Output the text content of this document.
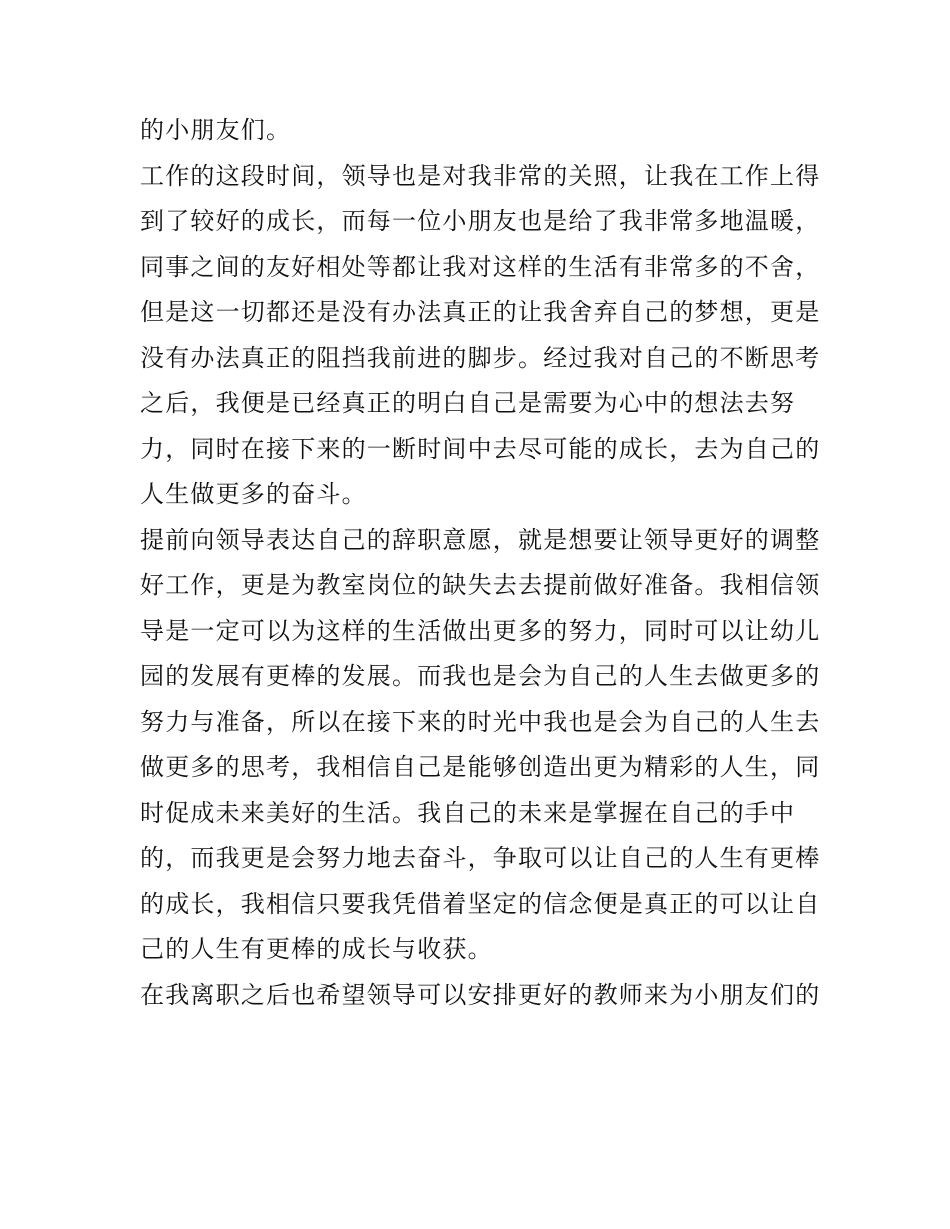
的小朋友们。
工作的这段时间，领导也是对我非常的关照，让我在工作上得
到了较好的成长，而每一位小朋友也是给了我非常多地温暖，
同事之间的友好相处等都让我对这样的生活有非常多的不舍，
但是这一切都还是没有办法真正的让我舍弃自己的梦想，更是
没有办法真正的阻挡我前进的脚步。经过我对自己的不断思考
之后，我便是已经真正的明白自己是需要为心中的想法去努
力，同时在接下来的一断时间中去尽可能的成长，去为自己的
人生做更多的奋斗。
提前向领导表达自己的辞职意愿，就是想要让领导更好的调整
好工作，更是为教室岗位的缺失去去提前做好准备。我相信领
导是一定可以为这样的生活做出更多的努力，同时可以让幼儿
园的发展有更棒的发展。而我也是会为自己的人生去做更多的
努力与准备，所以在接下来的时光中我也是会为自己的人生去
做更多的思考，我相信自己是能够创造出更为精彩的人生，同
时促成未来美好的生活。我自己的未来是掌握在自己的手中
的，而我更是会努力地去奋斗，争取可以让自己的人生有更棒
的成长，我相信只要我凭借着坚定的信念便是真正的可以让自
己的人生有更棒的成长与收获。
在我离职之后也希望领导可以安排更好的教师来为小朋友们的
